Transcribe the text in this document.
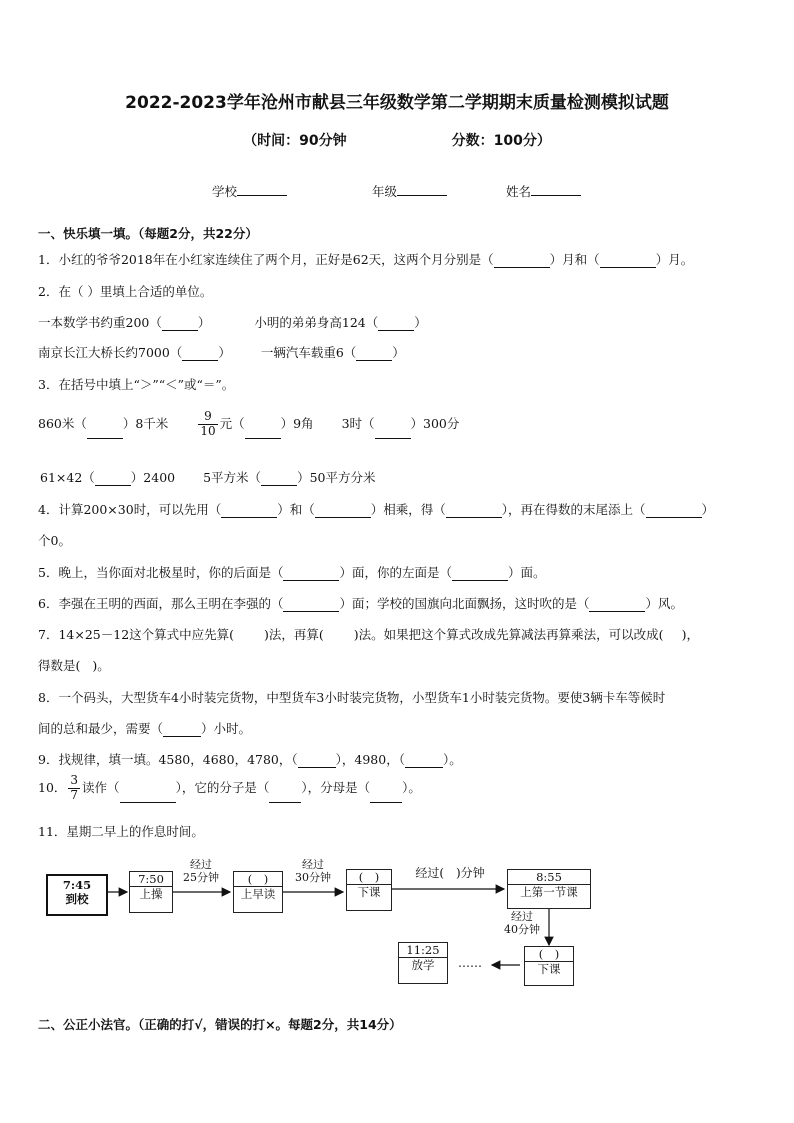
2022-2023学年沧州市献县三年级数学第二学期期末质量检测模拟试题
（时间：90分钟	分数：100分）
学校	年级	姓名
一、快乐填一填。（每题2分，共22分）
1．小红的爷爷2018年在小红家连续住了两个月，正好是62天，这两个月分别是（	）月和（	）月。
2．在（ ）里填上合适的单位。
一本数学书约重200（	）	小明的弟弟身高124（	）
南京长江大桥长约7000（	） 一辆汽车载重6（	）
3．在括号中填上“＞”“＜”或“＝”。
860米（	）8千米	$\frac{9}{10}$ 元（	）9角 3时（	）300分
61×42（	）2400 5平方米（	）50平方分米
4．计算200×30时，可以先用（	）和（	）相乘，得（	），再在得数的末尾添上（	）
个0。
5．晚上，当你面对北极星时，你的后面是（	）面，你的左面是（	）面。
6．李强在王明的西面，那么王明在李强的（	）面；学校的国旗向北面飘扬，这时吹的是（	）风。
7．14×25－12这个算式中应先算( )法，再算( )法。如果把这个算式改成先算减法再算乘法，可以改成( )，
得数是( )。
8．一个码头，大型货车4小时装完货物，中型货车3小时装完货物，小型货车1小时装完货物。要使3辆卡车等候时
间的总和最少，需要（	）小时。
9．找规律，填一填。4580，4680，4780，（	），4980，（	）。
10． $\frac{3}{7}$ 读作（	），它的分子是（	），分母是（	）。
11．星期二早上的作息时间。
7:45
到校
7:50
上操
经过
25分钟	(　)
上早读
经过
30分钟	(　)
下课
经过(　)分钟	8:55
上第一节课
经过
40分钟
(　)
下课
……
11:25
放学
二、公正小法官。（正确的打√，错误的打×。每题2分，共14分）
